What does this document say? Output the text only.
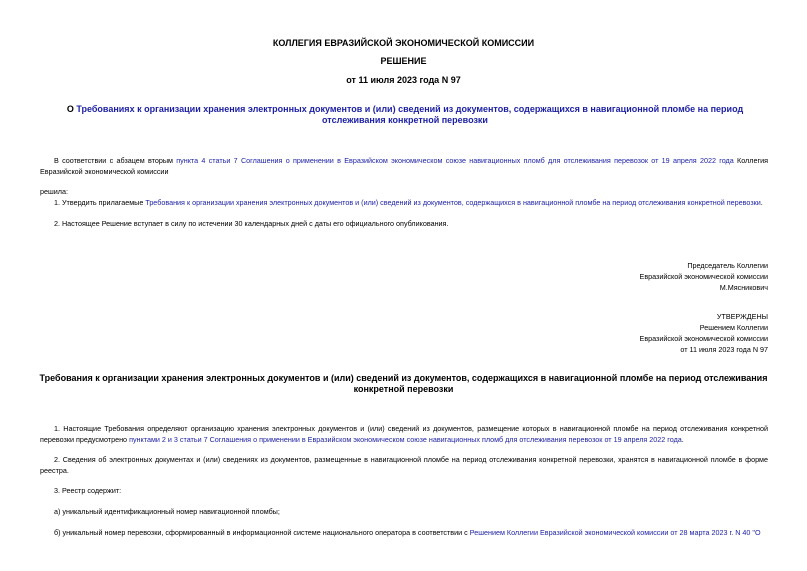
КОЛЛЕГИЯ ЕВРАЗИЙСКОЙ ЭКОНОМИЧЕСКОЙ КОМИССИИ
РЕШЕНИЕ
от 11 июля 2023 года N 97
О Требованиях к организации хранения электронных документов и (или) сведений из документов, содержащихся в навигационной пломбе на период отслеживания конкретной перевозки
В соответствии с абзацем вторым пункта 4 статьи 7 Соглашения о применении в Евразийском экономическом союзе навигационных пломб для отслеживания перевозок от 19 апреля 2022 года Коллегия Евразийской экономической комиссии
решила:
1. Утвердить прилагаемые Требования к организации хранения электронных документов и (или) сведений из документов, содержащихся в навигационной пломбе на период отслеживания конкретной перевозки.
2. Настоящее Решение вступает в силу по истечении 30 календарных дней с даты его официального опубликования.
Председатель Коллегии
Евразийской экономической комиссии
М.Мясникович
УТВЕРЖДЕНЫ
Решением Коллегии
Евразийской экономической комиссии
от 11 июля 2023 года N 97
Требования к организации хранения электронных документов и (или) сведений из документов, содержащихся в навигационной пломбе на период отслеживания конкретной перевозки
1. Настоящие Требования определяют организацию хранения электронных документов и (или) сведений из документов, размещение которых в навигационной пломбе на период отслеживания конкретной перевозки предусмотрено пунктами 2 и 3 статьи 7 Соглашения о применении в Евразийском экономическом союзе навигационных пломб для отслеживания перевозок от 19 апреля 2022 года.
2. Сведения об электронных документах и (или) сведениях из документов, размещенные в навигационной пломбе на период отслеживания конкретной перевозки, хранятся в навигационной пломбе в форме реестра.
3. Реестр содержит:
а) уникальный идентификационный номер навигационной пломбы;
б) уникальный номер перевозки, сформированный в информационной системе национального оператора в соответствии с Решением Коллегии Евразийской экономической комиссии от 28 марта 2023 г. N 40 "О
